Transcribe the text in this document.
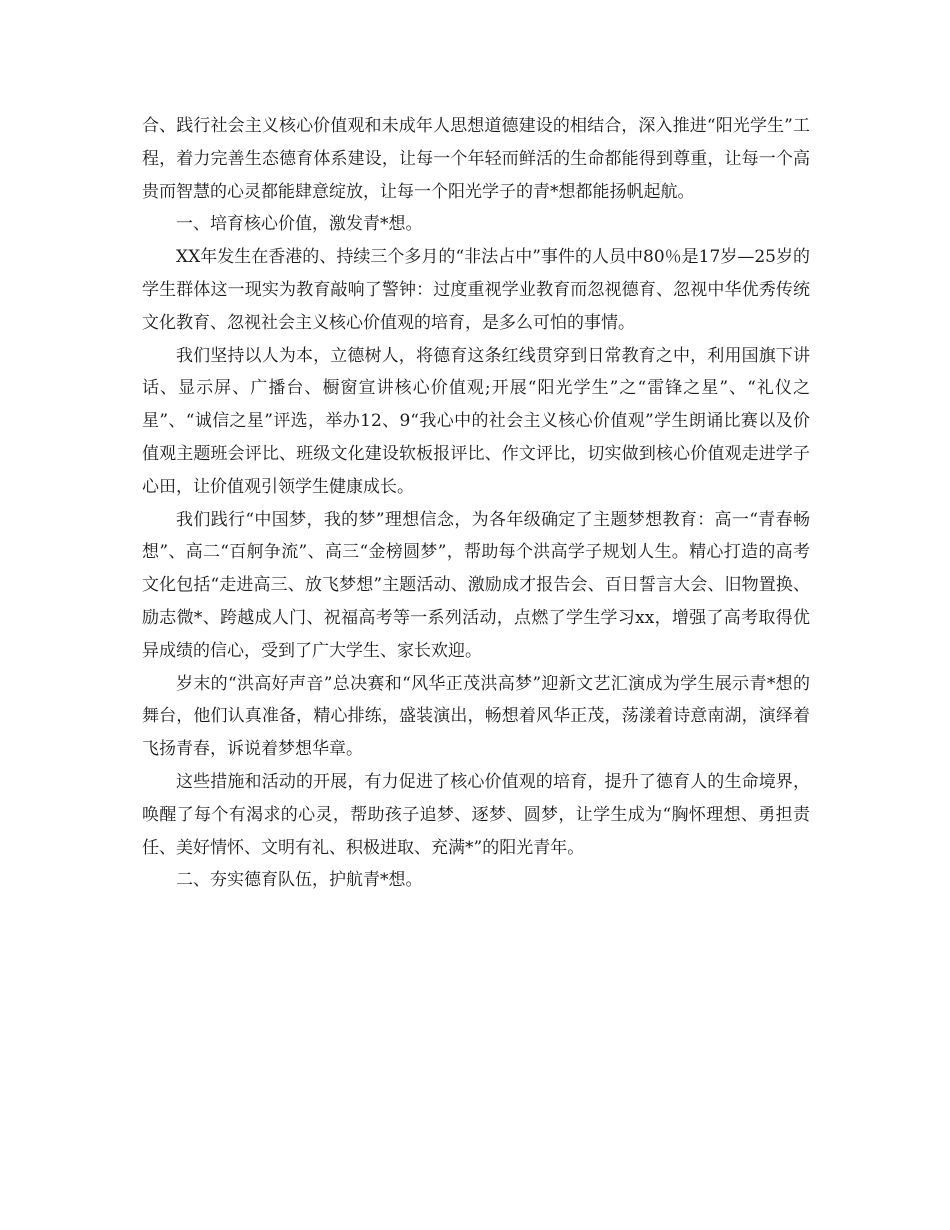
合、践行社会主义核心价值观和未成年人思想道德建设的相结合，深入推进“阳光学生”工程，着力完善生态德育体系建设，让每一个年轻而鲜活的生命都能得到尊重，让每一个高贵而智慧的心灵都能肆意绽放，让每一个阳光学子的青*想都能扬帆起航。

一、培育核心价值，激发青*想。

XX年发生在香港的、持续三个多月的“非法占中”事件的人员中80％是17岁—25岁的学生群体这一现实为教育敲响了警钟：过度重视学业教育而忽视德育、忽视中华优秀传统文化教育、忽视社会主义核心价值观的培育，是多么可怕的事情。

我们坚持以人为本，立德树人，将德育这条红线贯穿到日常教育之中，利用国旗下讲话、显示屏、广播台、橱窗宣讲核心价值观;开展“阳光学生”之“雷锋之星”、“礼仪之星”、“诚信之星”评选，举办12、9“我心中的社会主义核心价值观”学生朗诵比赛以及价值观主题班会评比、班级文化建设软板报评比、作文评比，切实做到核心价值观走进学子心田，让价值观引领学生健康成长。

我们践行“中国梦，我的梦”理想信念，为各年级确定了主题梦想教育：高一“青春畅想”、高二“百舸争流”、高三“金榜圆梦”，帮助每个洪高学子规划人生。精心打造的高考文化包括“走进高三、放飞梦想”主题活动、激励成才报告会、百日誓言大会、旧物置换、励志微*、跨越成人门、祝福高考等一系列活动，点燃了学生学习xx，增强了高考取得优异成绩的信心，受到了广大学生、家长欢迎。

岁末的“洪高好声音”总决赛和“风华正茂洪高梦”迎新文艺汇演成为学生展示青*想的舞台，他们认真准备，精心排练，盛装演出，畅想着风华正茂，荡漾着诗意南湖，演绎着飞扬青春，诉说着梦想华章。

这些措施和活动的开展，有力促进了核心价值观的培育，提升了德育人的生命境界，唤醒了每个有渴求的心灵，帮助孩子追梦、逐梦、圆梦，让学生成为“胸怀理想、勇担责任、美好情怀、文明有礼、积极进取、充满*”的阳光青年。

二、夯实德育队伍，护航青*想。
